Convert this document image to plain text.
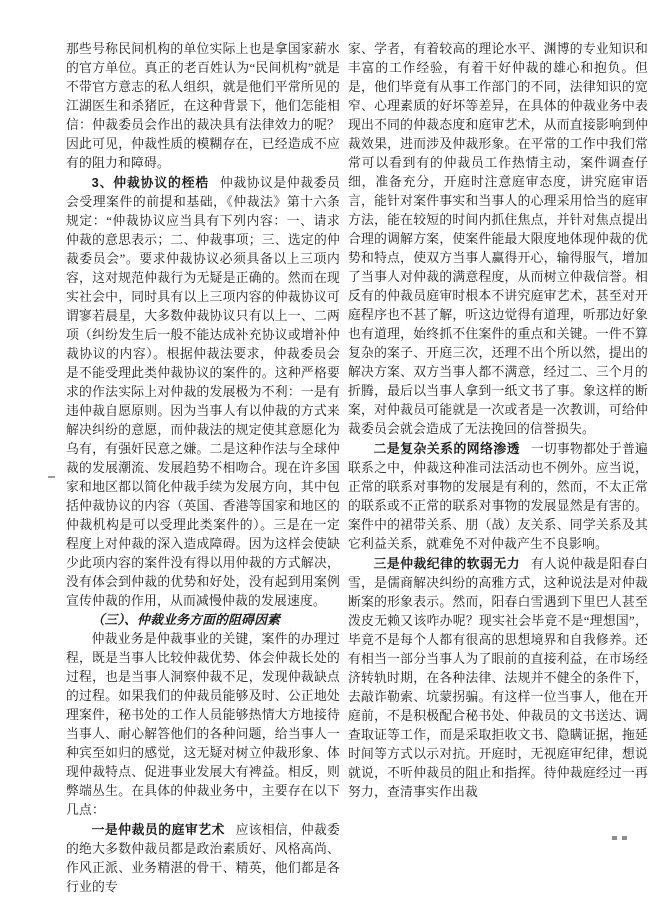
那些号称民间机构的单位实际上也是拿国家薪水的官方单位。真正的老百姓认为“民间机构”就是不带官方意志的私人组织，就是他们平常所见的江湖医生和杀猪匠，在这种背景下，他们怎能相信：仲裁委员会作出的裁决具有法律效力的呢？因此可见，仲裁性质的模糊存在，已经造成不应有的阻力和障碍。

3、仲裁协议的桎梏 仲裁协议是仲裁委员会受理案件的前提和基础，《仲裁法》第十六条规定：“仲裁协议应当具有下列内容：一、请求仲裁的意思表示；二、仲裁事项；三、选定的仲裁委员会”。要求仲裁协议必须具备以上三项内容，这对规范仲裁行为无疑是正确的。然而在现实社会中，同时具有以上三项内容的仲裁协议可谓寥若晨星，大多数仲裁协议只有以上一、二两项（纠纷发生后一般不能达成补充协议或增补仲裁协议的内容）。根据仲裁法要求，仲裁委员会是不能受理此类仲裁协议的案件的。这种严格要求的作法实际上对仲裁的发展极为不利：一是有违仲裁自愿原则。因为当事人有以仲裁的方式来解决纠纷的意愿，而仲裁法的规定使其意愿化为乌有，有强奸民意之嫌。二是这种作法与全球仲裁的发展潮流、发展趋势不相吻合。现在许多国家和地区都以简化仲裁手续为发展方向，其中包括仲裁协议的内容（英国、香港等国家和地区的仲裁机构是可以受理此类案件的）。三是在一定程度上对仲裁的深入造成障碍。因为这样会使缺少此项内容的案件没有得以用仲裁的方式解决，没有体会到仲裁的优势和好处，没有起到用案例宣传仲裁的作用，从而减慢仲裁的发展速度。

（三）、仲裁业务方面的阻碍因素

仲裁业务是仲裁事业的关键，案件的办理过程，既是当事人比较仲裁优势、体会仲裁长处的过程，也是当事人洞察仲裁不足，发现仲裁缺点的过程。如果我们的仲裁员能够及时、公正地处理案件，秘书处的工作人员能够热情大方地接待当事人、耐心解答他们的各种问题，给当事人一种宾至如归的感觉，这无疑对树立仲裁形象、体现仲裁特点、促进事业发展大有裨益。相反，则弊端丛生。在具体的仲裁业务中，主要存在以下几点：

一是仲裁员的庭审艺术 应该相信，仲裁委的绝大多数仲裁员都是政治素质好、风格高尚、作风正派、业务精湛的骨干、精英，他们都是各行业的专

家、学者，有着较高的理论水平、渊博的专业知识和丰富的工作经验，有着干好仲裁的雄心和抱负。但是，他们毕竟有从事工作部门的不同，法律知识的宽窄、心理素质的好坏等差异，在具体的仲裁业务中表现出不同的仲裁态度和庭审艺术，从而直接影响到仲裁效果，进而涉及仲裁形象。在平常的工作中我们常常可以看到有的仲裁员工作热情主动，案件调查仔细，准备充分，开庭时注意庭审态度，讲究庭审语言，能针对案件事实和当事人的心理采用恰当的庭审方法，能在较短的时间内抓住焦点，并针对焦点提出合理的调解方案，使案件能最大限度地体现仲裁的优势和特点，使双方当事人赢得开心，输得服气，增加了当事人对仲裁的满意程度，从而树立仲裁信誉。相反有的仲裁员庭审时根本不讲究庭审艺术，甚至对开庭程序也不甚了解，听这边觉得有道理，听那边好象也有道理，始终抓不住案件的重点和关键。一件不算复杂的案子、开庭三次，还理不出个所以然，提出的解决方案、双方当事人都不满意，经过二、三个月的折腾，最后以当事人拿到一纸文书了事。象这样的断案，对仲裁员可能就是一次或者是一次教训，可给仲裁委员会就会造成了无法挽回的信誉损失。

二是复杂关系的网络渗透 一切事物都处于普遍联系之中，仲裁这种准司法活动也不例外。应当说，正常的联系对事物的发展是有利的，然而，不太正常的联系或不正常的联系对事物的发展显然是有害的。案件中的裙带关系、朋（战）友关系、同学关系及其它利益关系，就难免不对仲裁产生不良影响。

三是仲裁纪律的软弱无力 有人说仲裁是阳春白雪，是儒商解决纠纷的高雅方式，这种说法是对仲裁断案的形象表示。然而，阳春白雪遇到下里巴人甚至泼皮无赖又该咋办呢？现实社会毕竟不是“理想国”，毕竟不是每个人都有很高的思想境界和自我修养。还有相当一部分当事人为了眼前的直接利益，在市场经济转轨时期，在各种法律、法规并不健全的条件下，去敲诈勒索、坑蒙拐骗。有这样一位当事人，他在开庭前，不是积极配合秘书处、仲裁员的文书送达、调查取证等工作，而是采取拒收文书、隐瞒证据，拖延时间等方式以示对抗。开庭时，无视庭审纪律，想说就说，不听仲裁员的阻止和指挥。待仲裁庭经过一再努力，查清事实作出裁
